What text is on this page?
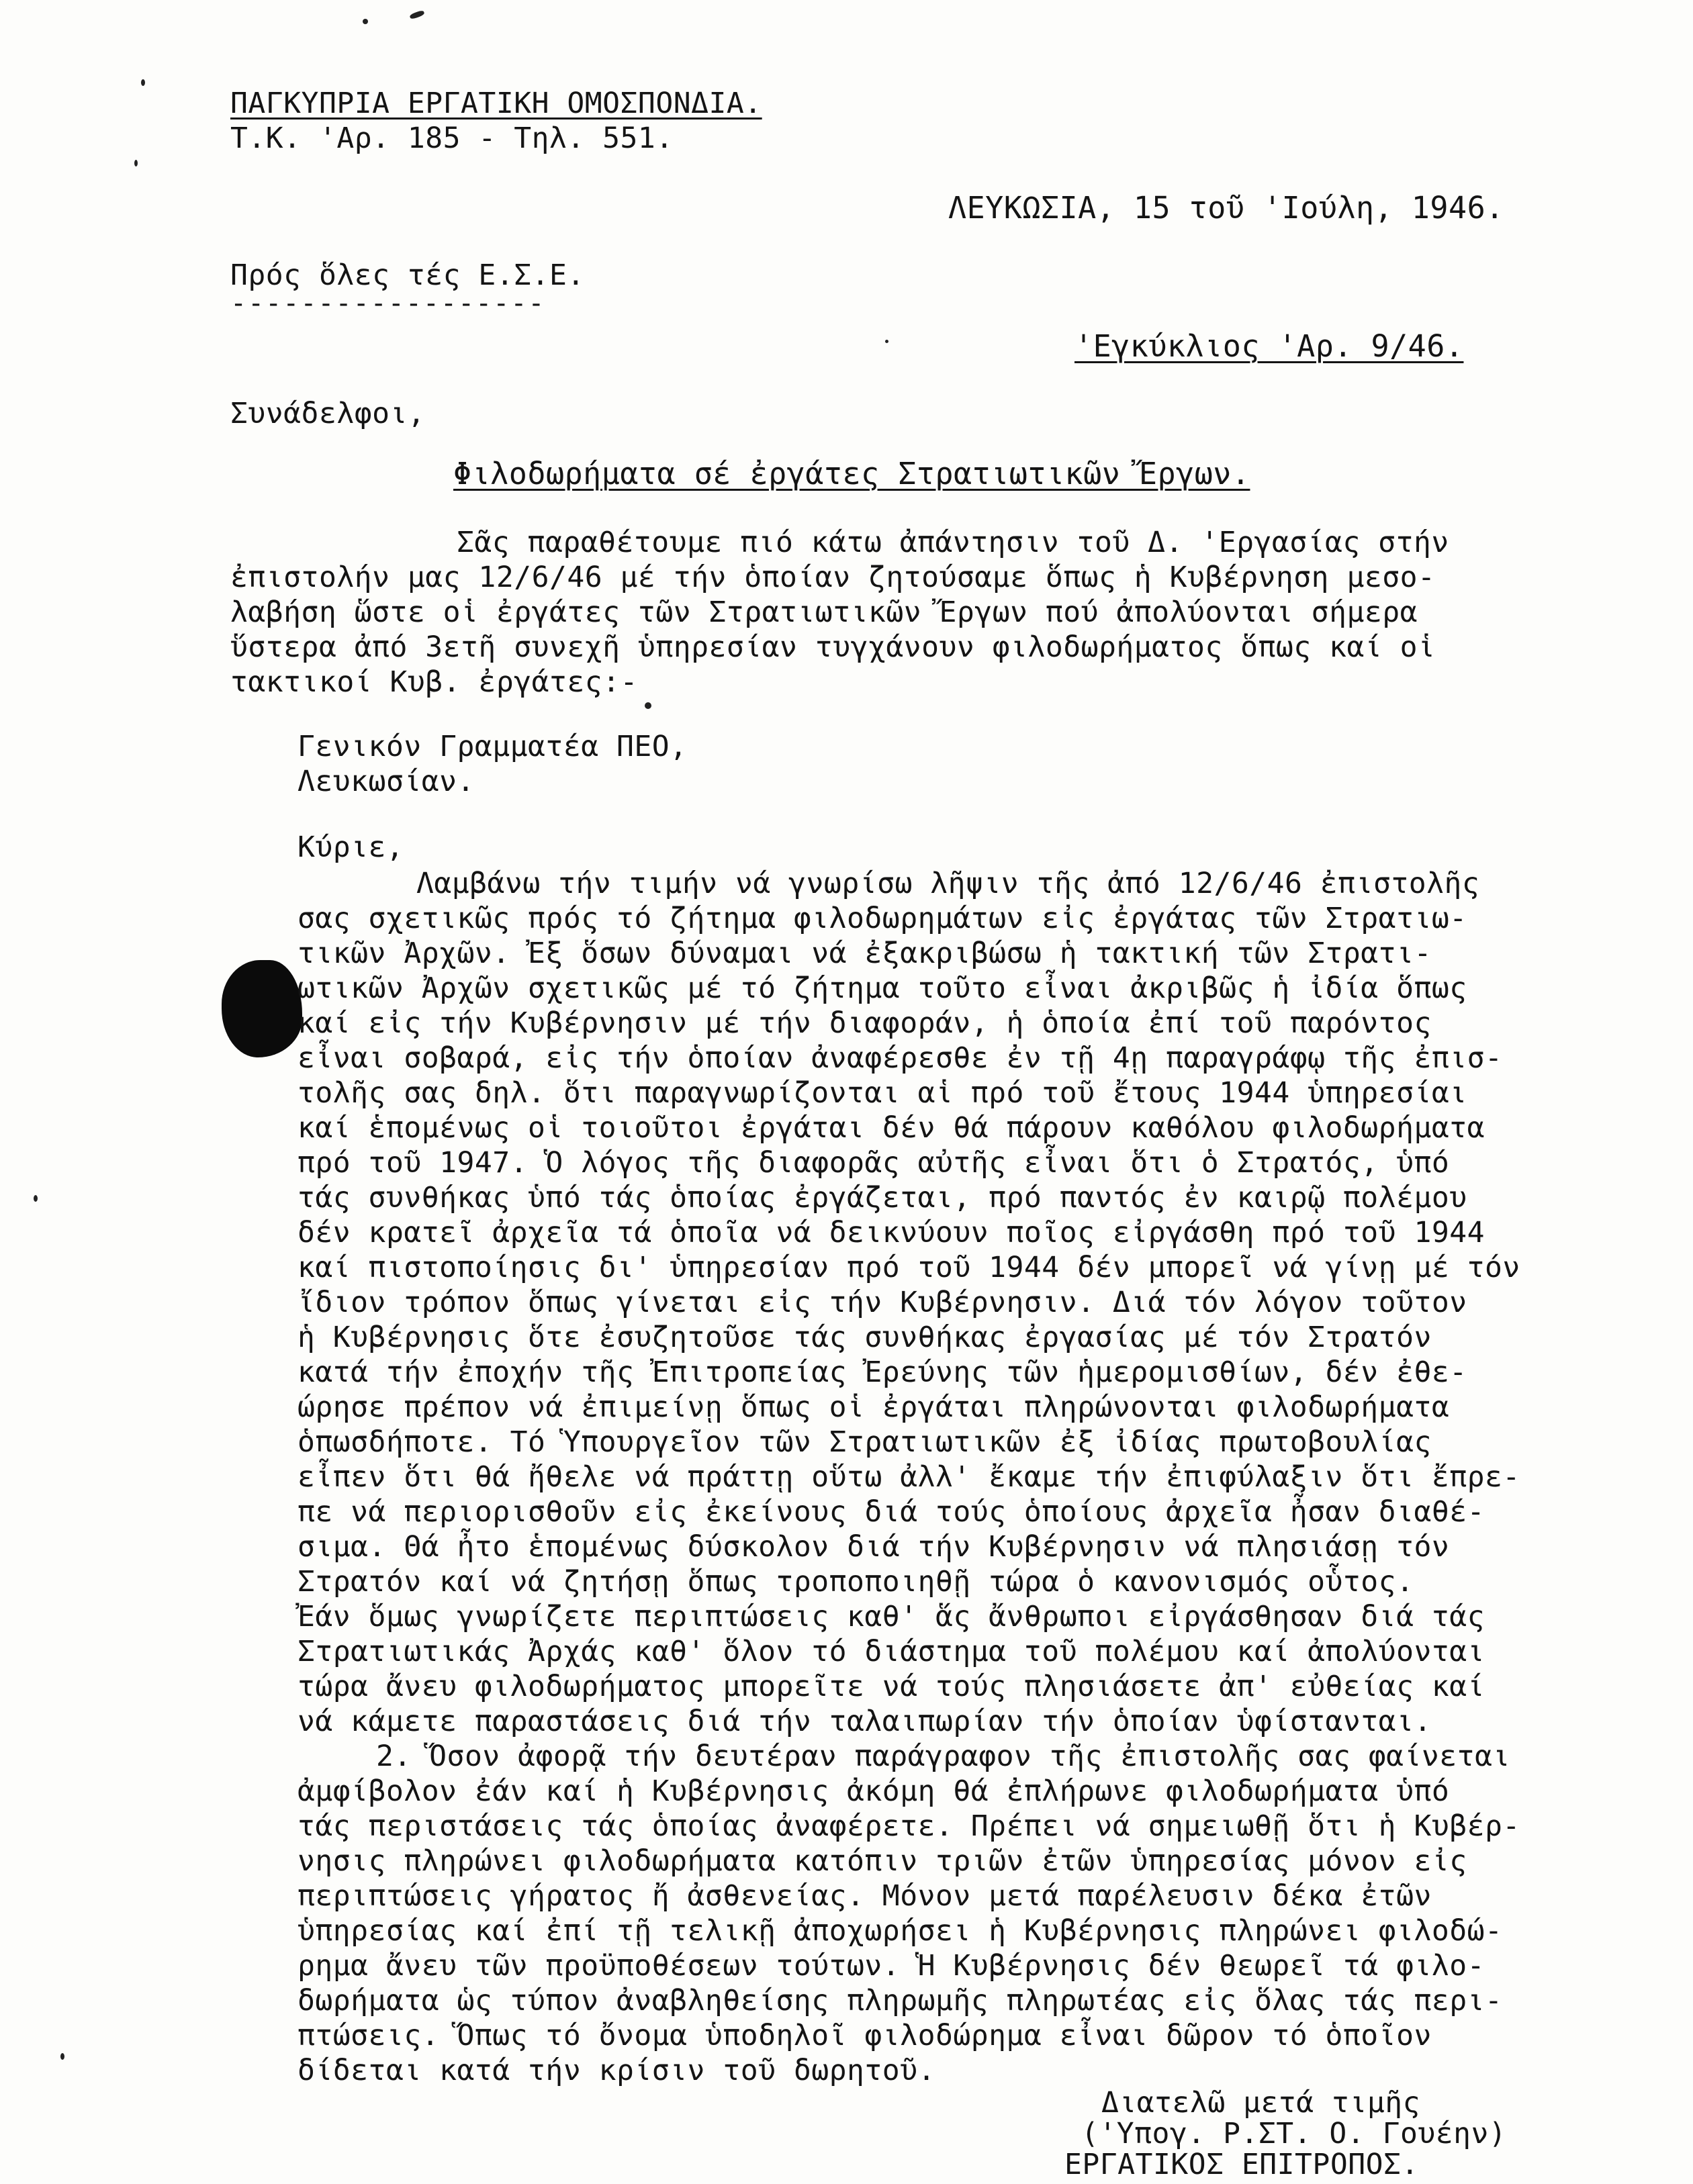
ΠΑΓΚΥΠΡΙΑ ΕΡΓΑΤΙΚΗ ΟΜΟΣΠΟΝΔΙΑ.
Τ.Κ. 'Αρ. 185 - Τηλ. 551.
ΛΕΥΚΩΣΙΑ, 15 τοῦ 'Ιούλη, 1946.
Πρός ὅλες τές Ε.Σ.Ε.
------------------
'Εγκύκλιος 'Αρ. 9/46.
Συνάδελφοι,
Φιλοδωρήματα σέ ἐργάτες Στρατιωτικῶν Ἔργων.
Σᾶς παραθέτουμε πιό κάτω ἀπάντησιν τοῦ Δ. 'Εργασίας στήν
ἐπιστολήν μας 12/6/46 μέ τήν ὁποίαν ζητούσαμε ὅπως ἡ Κυβέρνηση μεσο-
λαβήση ὥστε οἱ ἐργάτες τῶν Στρατιωτικῶν Ἔργων πού ἀπολύονται σήμερα
ὕστερα ἀπό 3ετῆ συνεχῆ ὑπηρεσίαν τυγχάνουν φιλοδωρήματος ὅπως καί οἱ
τακτικοί Κυβ. ἐργάτες:-
Γενικόν Γραμματέα ΠΕΟ,
Λευκωσίαν.
Κύριε,
Λαμβάνω τήν τιμήν νά γνωρίσω λῆψιν τῆς ἀπό 12/6/46 ἐπιστολῆς
σας σχετικῶς πρός τό ζήτημα φιλοδωρημάτων εἰς ἐργάτας τῶν Στρατιω-
τικῶν Ἀρχῶν. Ἐξ ὅσων δύναμαι νά ἐξακριβώσω ἡ τακτική τῶν Στρατι-
ωτικῶν Ἀρχῶν σχετικῶς μέ τό ζήτημα τοῦτο εἶναι ἀκριβῶς ἡ ἰδία ὅπως
καί εἰς τήν Κυβέρνησιν μέ τήν διαφοράν, ἡ ὁποία ἐπί τοῦ παρόντος
εἶναι σοβαρά, εἰς τήν ὁποίαν ἀναφέρεσθε ἐν τῇ 4ῃ παραγράφῳ τῆς ἐπισ-
τολῆς σας δηλ. ὅτι παραγνωρίζονται αἱ πρό τοῦ ἔτους 1944 ὑπηρεσίαι
καί ἑπομένως οἱ τοιοῦτοι ἐργάται δέν θά πάρουν καθόλου φιλοδωρήματα
πρό τοῦ 1947. Ὁ λόγος τῆς διαφορᾶς αὐτῆς εἶναι ὅτι ὁ Στρατός, ὑπό
τάς συνθήκας ὑπό τάς ὁποίας ἐργάζεται, πρό παντός ἐν καιρῷ πολέμου
δέν κρατεῖ ἀρχεῖα τά ὁποῖα νά δεικνύουν ποῖος εἰργάσθη πρό τοῦ 1944
καί πιστοποίησις δι' ὑπηρεσίαν πρό τοῦ 1944 δέν μπορεῖ νά γίνῃ μέ τόν
ἴδιον τρόπον ὅπως γίνεται εἰς τήν Κυβέρνησιν. Διά τόν λόγον τοῦτον
ἡ Κυβέρνησις ὅτε ἐσυζητοῦσε τάς συνθήκας ἐργασίας μέ τόν Στρατόν
κατά τήν ἐποχήν τῆς Ἐπιτροπείας Ἐρεύνης τῶν ἡμερομισθίων, δέν ἐθε-
ώρησε πρέπον νά ἐπιμείνῃ ὅπως οἱ ἐργάται πληρώνονται φιλοδωρήματα
ὁπωσδήποτε. Τό Ὑπουργεῖον τῶν Στρατιωτικῶν ἐξ ἰδίας πρωτοβουλίας
εἶπεν ὅτι θά ἤθελε νά πράττῃ οὕτω ἀλλ' ἔκαμε τήν ἐπιφύλαξιν ὅτι ἔπρε-
πε νά περιορισθοῦν εἰς ἐκείνους διά τούς ὁποίους ἀρχεῖα ἦσαν διαθέ-
σιμα. Θά ἦτο ἑπομένως δύσκολον διά τήν Κυβέρνησιν νά πλησιάσῃ τόν
Στρατόν καί νά ζητήσῃ ὅπως τροποποιηθῇ τώρα ὁ κανονισμός οὗτος.
Ἐάν ὅμως γνωρίζετε περιπτώσεις καθ' ἅς ἄνθρωποι εἰργάσθησαν διά τάς
Στρατιωτικάς Ἀρχάς καθ' ὅλον τό διάστημα τοῦ πολέμου καί ἀπολύονται
τώρα ἄνευ φιλοδωρήματος μπορεῖτε νά τούς πλησιάσετε ἀπ' εὐθείας καί
νά κάμετε παραστάσεις διά τήν ταλαιπωρίαν τήν ὁποίαν ὑφίστανται.
2. Ὅσον ἀφορᾷ τήν δευτέραν παράγραφον τῆς ἐπιστολῆς σας φαίνεται
ἀμφίβολον ἐάν καί ἡ Κυβέρνησις ἀκόμη θά ἐπλήρωνε φιλοδωρήματα ὑπό
τάς περιστάσεις τάς ὁποίας ἀναφέρετε. Πρέπει νά σημειωθῇ ὅτι ἡ Κυβέρ-
νησις πληρώνει φιλοδωρήματα κατόπιν τριῶν ἐτῶν ὑπηρεσίας μόνον εἰς
περιπτώσεις γήρατος ἤ ἀσθενείας. Μόνον μετά παρέλευσιν δέκα ἐτῶν
ὑπηρεσίας καί ἐπί τῇ τελικῇ ἀποχωρήσει ἡ Κυβέρνησις πληρώνει φιλοδώ-
ρημα ἄνευ τῶν προϋποθέσεων τούτων. Ἡ Κυβέρνησις δέν θεωρεῖ τά φιλο-
δωρήματα ὡς τύπον ἀναβληθείσης πληρωμῆς πληρωτέας εἰς ὅλας τάς περι-
πτώσεις. Ὅπως τό ὄνομα ὑποδηλοῖ φιλοδώρημα εἶναι δῶρον τό ὁποῖον
δίδεται κατά τήν κρίσιν τοῦ δωρητοῦ.
Διατελῶ μετά τιμῆς
('Υπογ. Ρ.ΣΤ. Ο. Γουέην)
ΕΡΓΑΤΙΚΟΣ ΕΠΙΤΡΟΠΟΣ.
